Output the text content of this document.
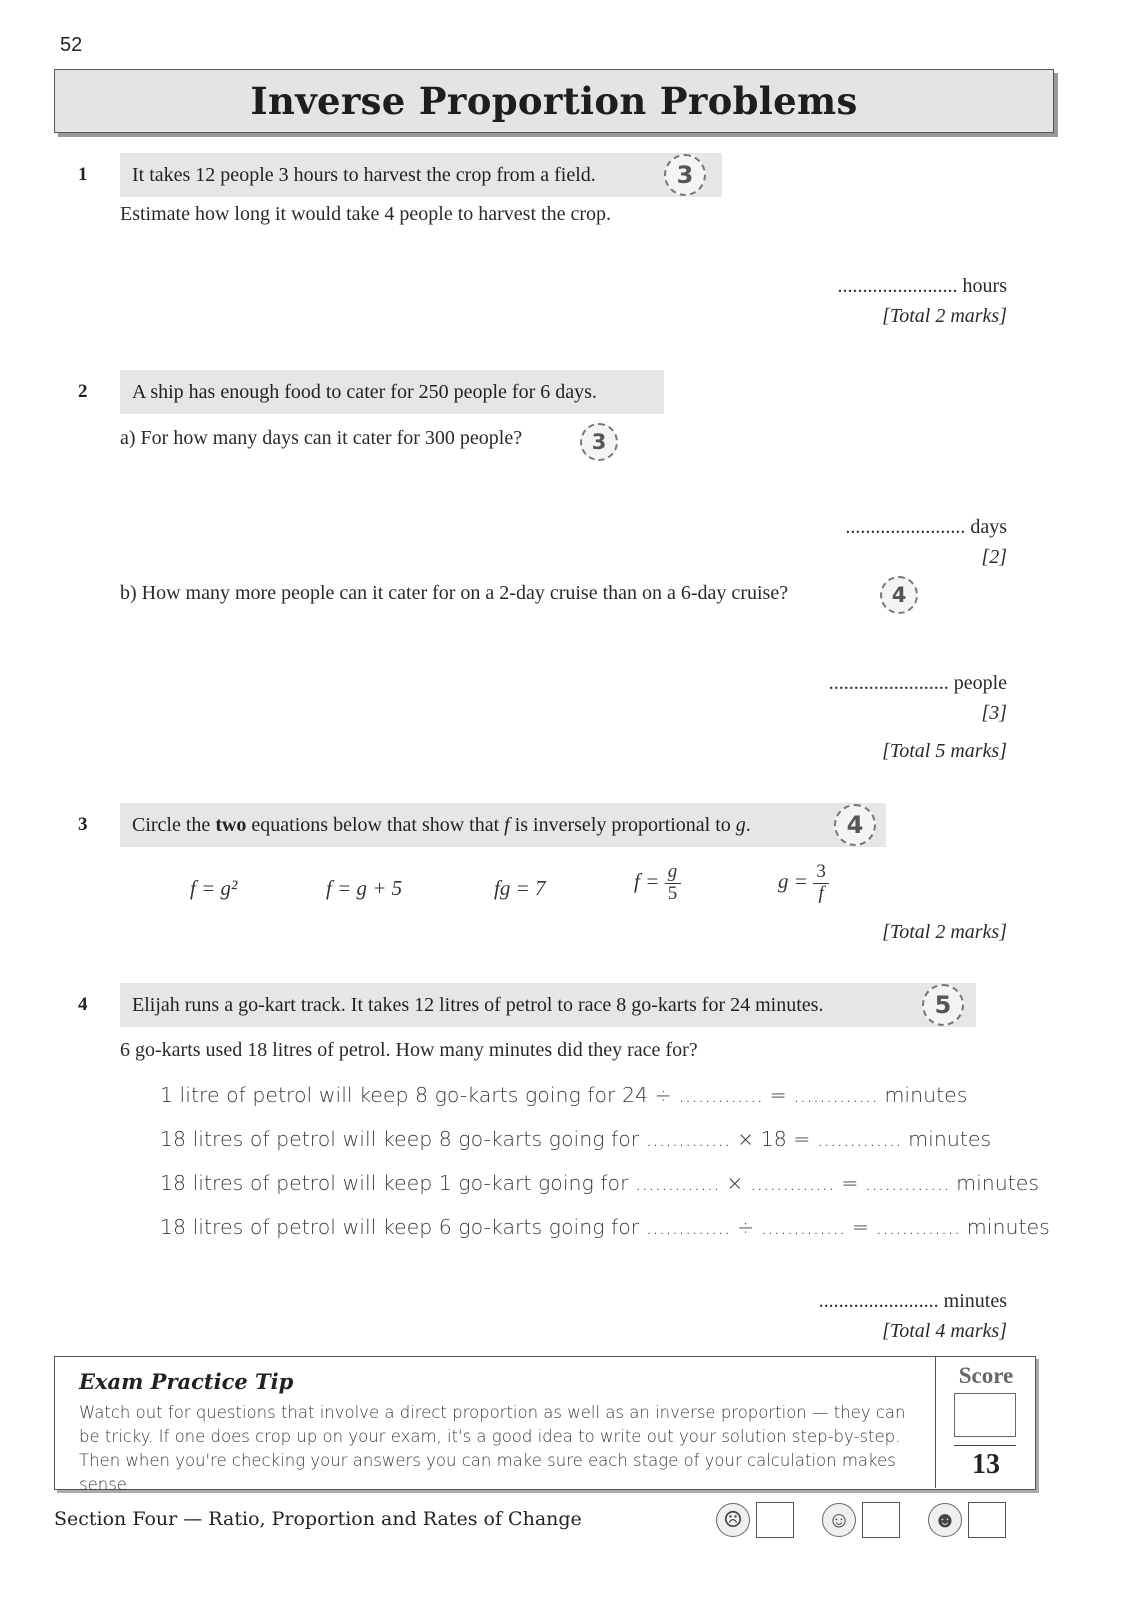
52
Inverse Proportion Problems
1 It takes 12 people 3 hours to harvest the crop from a field.	3
Estimate how long it would take 4 people to harvest the crop.
........................ hours
[Total 2 marks]
2 A ship has enough food to cater for 250 people for 6 days.
a) For how many days can it cater for 300 people?	3
........................ days
[2]
b) How many more people can it cater for on a 2-day cruise than on a 6-day cruise?	4
........................ people
[3]
[Total 5 marks]
3 Circle the two equations below that show that f is inversely proportional to g.	4
f = g²	f = g + 5	fg = 7	$f = \frac{g}{5}$	$g = \frac{3}{f}$
[Total 2 marks]
4 Elijah runs a go-kart track. It takes 12 litres of petrol to race 8 go-karts for 24 minutes.	5
6 go-karts used 18 litres of petrol. How many minutes did they race for?
1 litre of petrol will keep 8 go-karts going for 24 ÷ ............. = ............. minutes
18 litres of petrol will keep 8 go-karts going for ............. × 18 = ............. minutes
18 litres of petrol will keep 1 go-kart going for ............. × ............. = ............. minutes
18 litres of petrol will keep 6 go-karts going for ............. ÷ ............. = ............. minutes
........................ minutes
[Total 4 marks]
Exam Practice Tip
Watch out for questions that involve a direct proportion as well as an inverse proportion — they can be tricky. If one does crop up on your exam, it's a good idea to write out your solution step-by-step. Then when you're checking your answers you can make sure each stage of your calculation makes sense.
Score
13
Section Four — Ratio, Proportion and Rates of Change	☹	☺	☻
